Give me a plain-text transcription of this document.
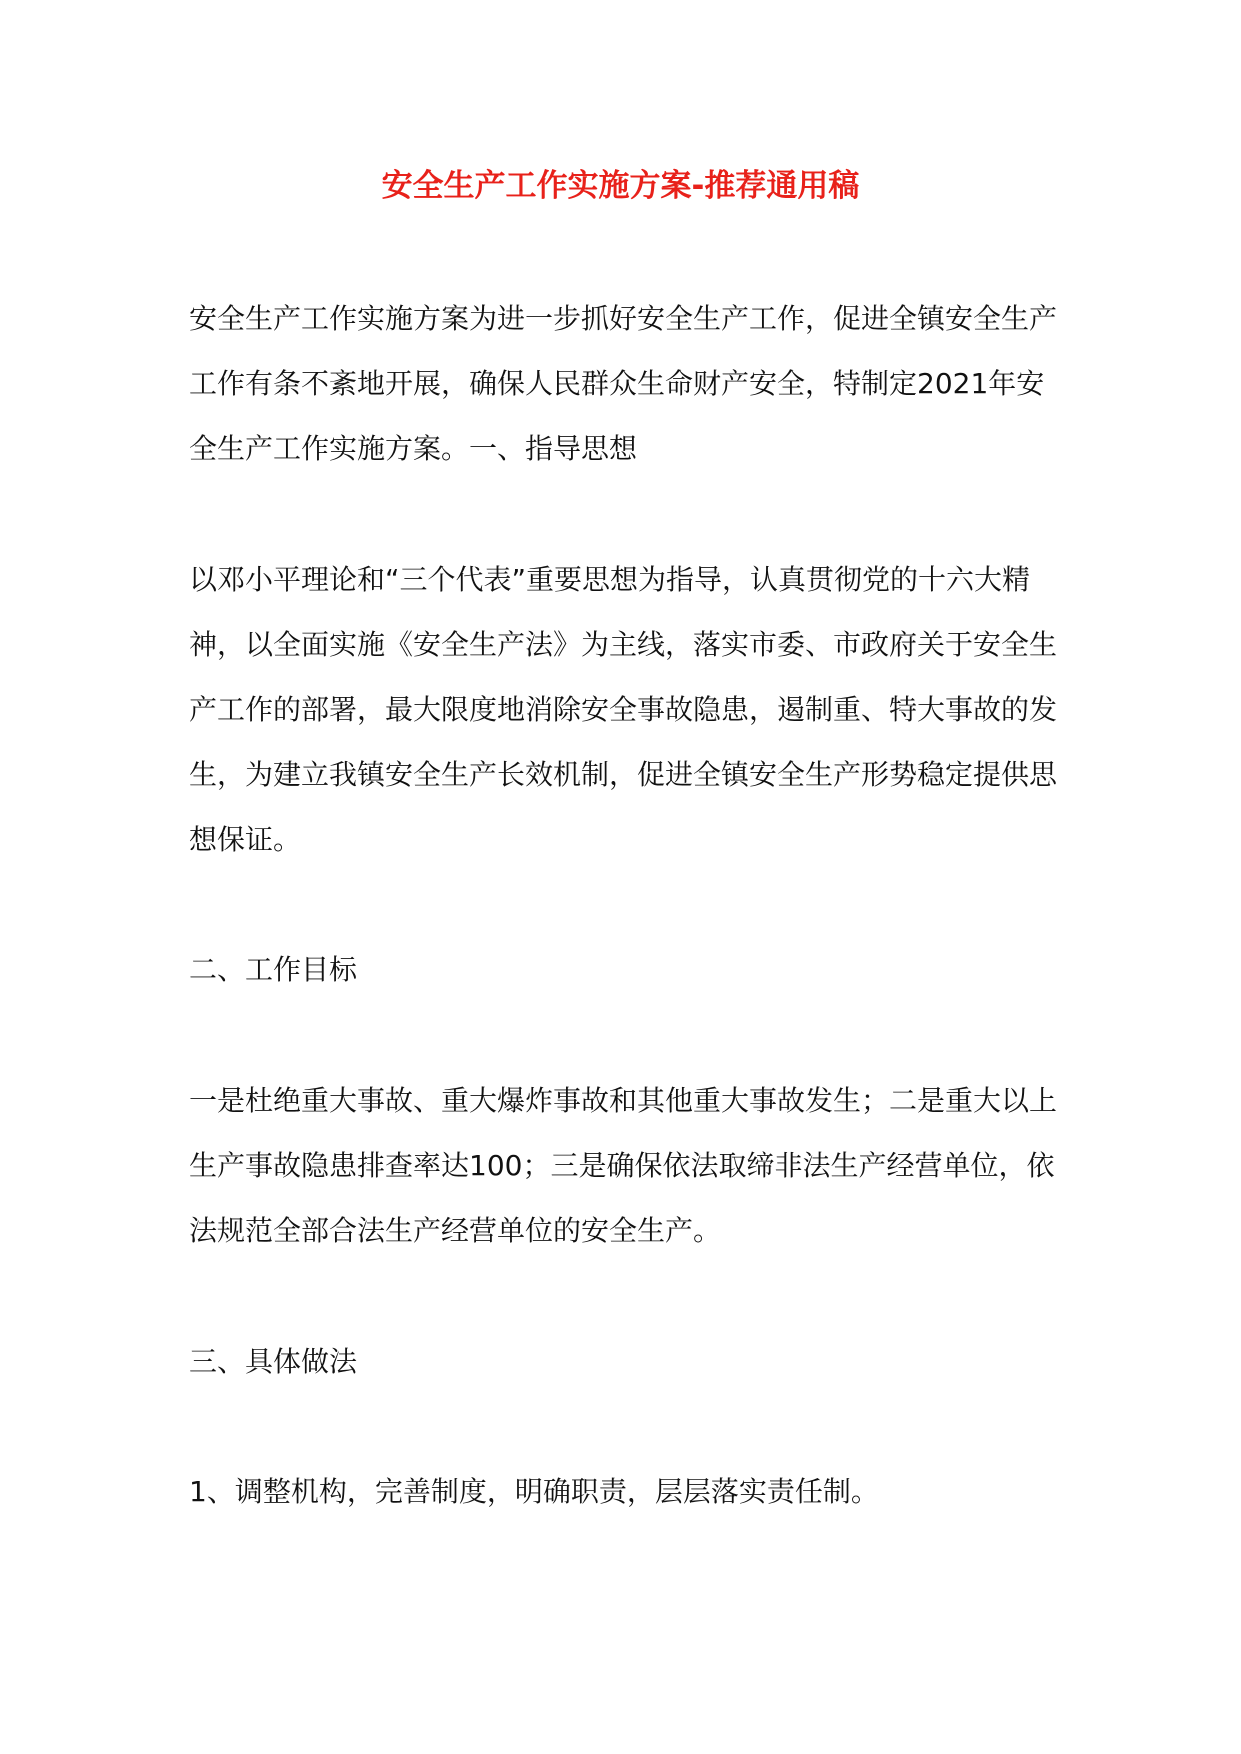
安全生产工作实施方案-推荐通用稿

安全生产工作实施方案为进一步抓好安全生产工作，促进全镇安全生产工作有条不紊地开展，确保人民群众生命财产安全，特制定2021年安全生产工作实施方案。一、指导思想

以邓小平理论和“三个代表”重要思想为指导，认真贯彻党的十六大精神，以全面实施《安全生产法》为主线，落实市委、市政府关于安全生产工作的部署，最大限度地消除安全事故隐患，遏制重、特大事故的发生，为建立我镇安全生产长效机制，促进全镇安全生产形势稳定提供思想保证。

二、工作目标

一是杜绝重大事故、重大爆炸事故和其他重大事故发生；二是重大以上生产事故隐患排查率达100；三是确保依法取缔非法生产经营单位，依法规范全部合法生产经营单位的安全生产。

三、具体做法

1、调整机构，完善制度，明确职责，层层落实责任制。
